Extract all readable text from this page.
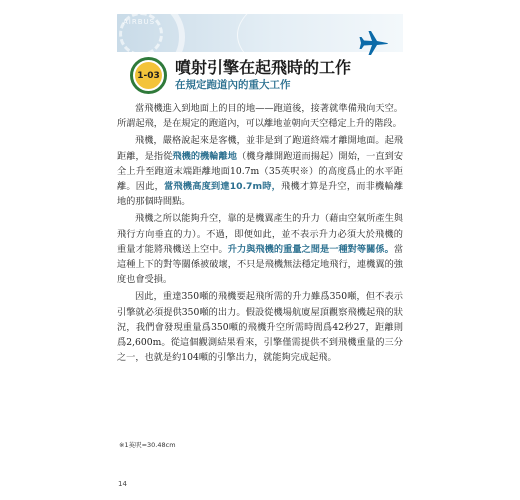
AIRBUS
1-03 噴射引擎在起飛時的工作
在規定跑道內的重大工作

當飛機進入到地面上的目的地——跑道後，接著就準備飛向天空。所謂起飛，是在規定的跑道內，可以離地並朝向天空穩定上升的階段。

飛機，嚴格說起來是客機，並非是到了跑道終端才離開地面。起飛距離，是指從飛機的機輪離地（機身離開跑道而揚起）開始，一直到安全上升至跑道末端距離地面10.7m（35英呎※）的高度爲止的水平距離。因此，當飛機高度到達10.7m時，飛機才算是升空，而非機輪離地的那個時間點。

飛機之所以能夠升空，靠的是機翼產生的升力（藉由空氣所產生與飛行方向垂直的力）。不過，即便如此，並不表示升力必須大於飛機的重量才能將飛機送上空中。升力與飛機的重量之間是一種對等關係。當這種上下的對等關係被破壞，不只是飛機無法穩定地飛行，連機翼的強度也會受損。

因此，重達350噸的飛機要起飛所需的升力雖爲350噸，但不表示引擎就必須提供350噸的出力。假設從機場航廈屋頂觀察飛機起飛的狀況，我們會發現重量爲350噸的飛機升空所需時間爲42秒27，距離則爲2,600m。從這個觀測結果看來，引擎僅需提供不到飛機重量的三分之一，也就是約104噸的引擎出力，就能夠完成起飛。

※1英呎=30.48cm
14
